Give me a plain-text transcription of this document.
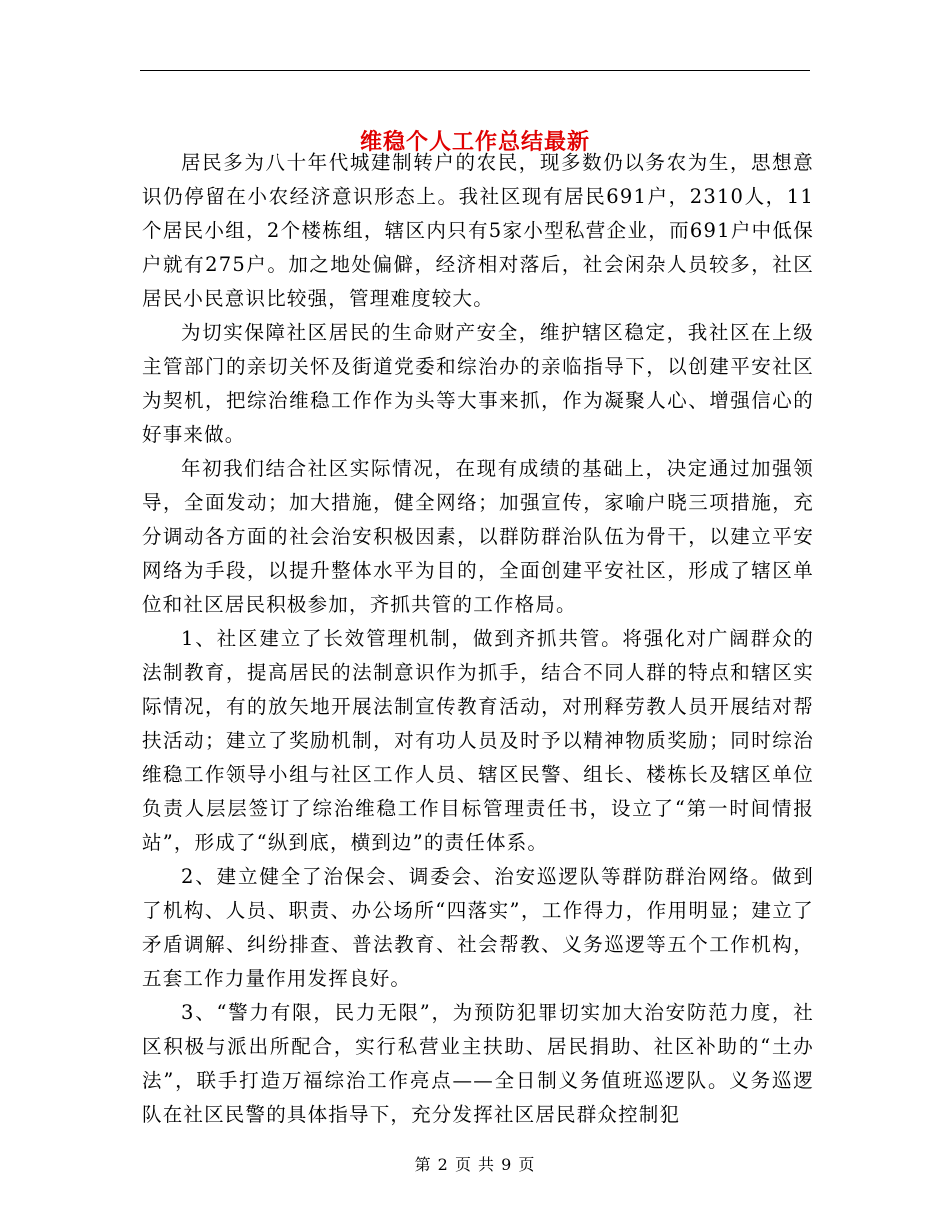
维稳个人工作总结最新

居民多为八十年代城建制转户的农民，现多数仍以务农为生，思想意识仍停留在小农经济意识形态上。我社区现有居民691户，2310人，11个居民小组，2个楼栋组，辖区内只有5家小型私营企业，而691户中低保户就有275户。加之地处偏僻，经济相对落后，社会闲杂人员较多，社区居民小民意识比较强，管理难度较大。

为切实保障社区居民的生命财产安全，维护辖区稳定，我社区在上级主管部门的亲切关怀及街道党委和综治办的亲临指导下，以创建平安社区为契机，把综治维稳工作作为头等大事来抓，作为凝聚人心、增强信心的好事来做。

年初我们结合社区实际情况，在现有成绩的基础上，决定通过加强领导，全面发动；加大措施，健全网络；加强宣传，家喻户晓三项措施，充分调动各方面的社会治安积极因素，以群防群治队伍为骨干，以建立平安网络为手段，以提升整体水平为目的，全面创建平安社区，形成了辖区单位和社区居民积极参加，齐抓共管的工作格局。

1、社区建立了长效管理机制，做到齐抓共管。将强化对广阔群众的法制教育，提高居民的法制意识作为抓手，结合不同人群的特点和辖区实际情况，有的放矢地开展法制宣传教育活动，对刑释劳教人员开展结对帮扶活动；建立了奖励机制，对有功人员及时予以精神物质奖励；同时综治维稳工作领导小组与社区工作人员、辖区民警、组长、楼栋长及辖区单位负责人层层签订了综治维稳工作目标管理责任书，设立了“第一时间情报站”，形成了“纵到底，横到边”的责任体系。

2、建立健全了治保会、调委会、治安巡逻队等群防群治网络。做到了机构、人员、职责、办公场所“四落实”，工作得力，作用明显；建立了矛盾调解、纠纷排查、普法教育、社会帮教、义务巡逻等五个工作机构，五套工作力量作用发挥良好。

3、“警力有限，民力无限”，为预防犯罪切实加大治安防范力度，社区积极与派出所配合，实行私营业主扶助、居民捐助、社区补助的“土办法”，联手打造万福综治工作亮点——全日制义务值班巡逻队。义务巡逻队在社区民警的具体指导下，充分发挥社区居民群众控制犯

第 2 页 共 9 页
